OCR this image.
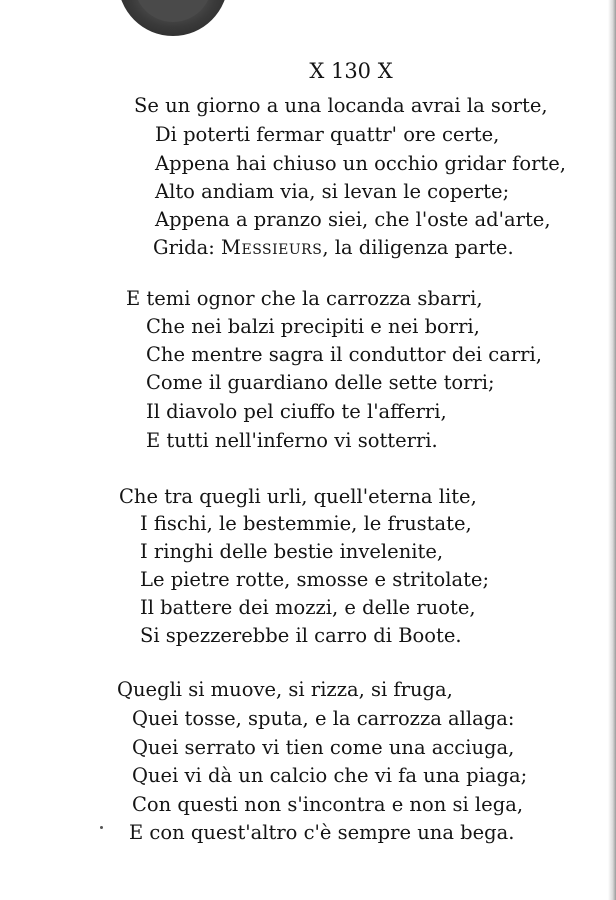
X 130 X
Se un giorno a una locanda avrai la sorte,
Di poterti fermar quattr' ore certe,
Appena hai chiuso un occhio gridar forte,
Alto andiam via, si levan le coperte;
Appena a pranzo siei, che l'oste ad'arte,
Grida: Messieurs, la diligenza parte.
E temi ognor che la carrozza sbarri,
Che nei balzi precipiti e nei borri,
Che mentre sagra il conduttor dei carri,
Come il guardiano delle sette torri;
Il diavolo pel ciuffo te l'afferri,
E tutti nell'inferno vi sotterri.
Che tra quegli urli, quell'eterna lite,
I fischi, le bestemmie, le frustate,
I ringhi delle bestie invelenite,
Le pietre rotte, smosse e stritolate;
Il battere dei mozzi, e delle ruote,
Si spezzerebbe il carro di Boote.
Quegli si muove, si rizza, si fruga,
Quei tosse, sputa, e la carrozza allaga:
Quei serrato vi tien come una acciuga,
Quei vi dà un calcio che vi fa una piaga;
Con questi non s'incontra e non si lega,
E con quest'altro c'è sempre una bega.
